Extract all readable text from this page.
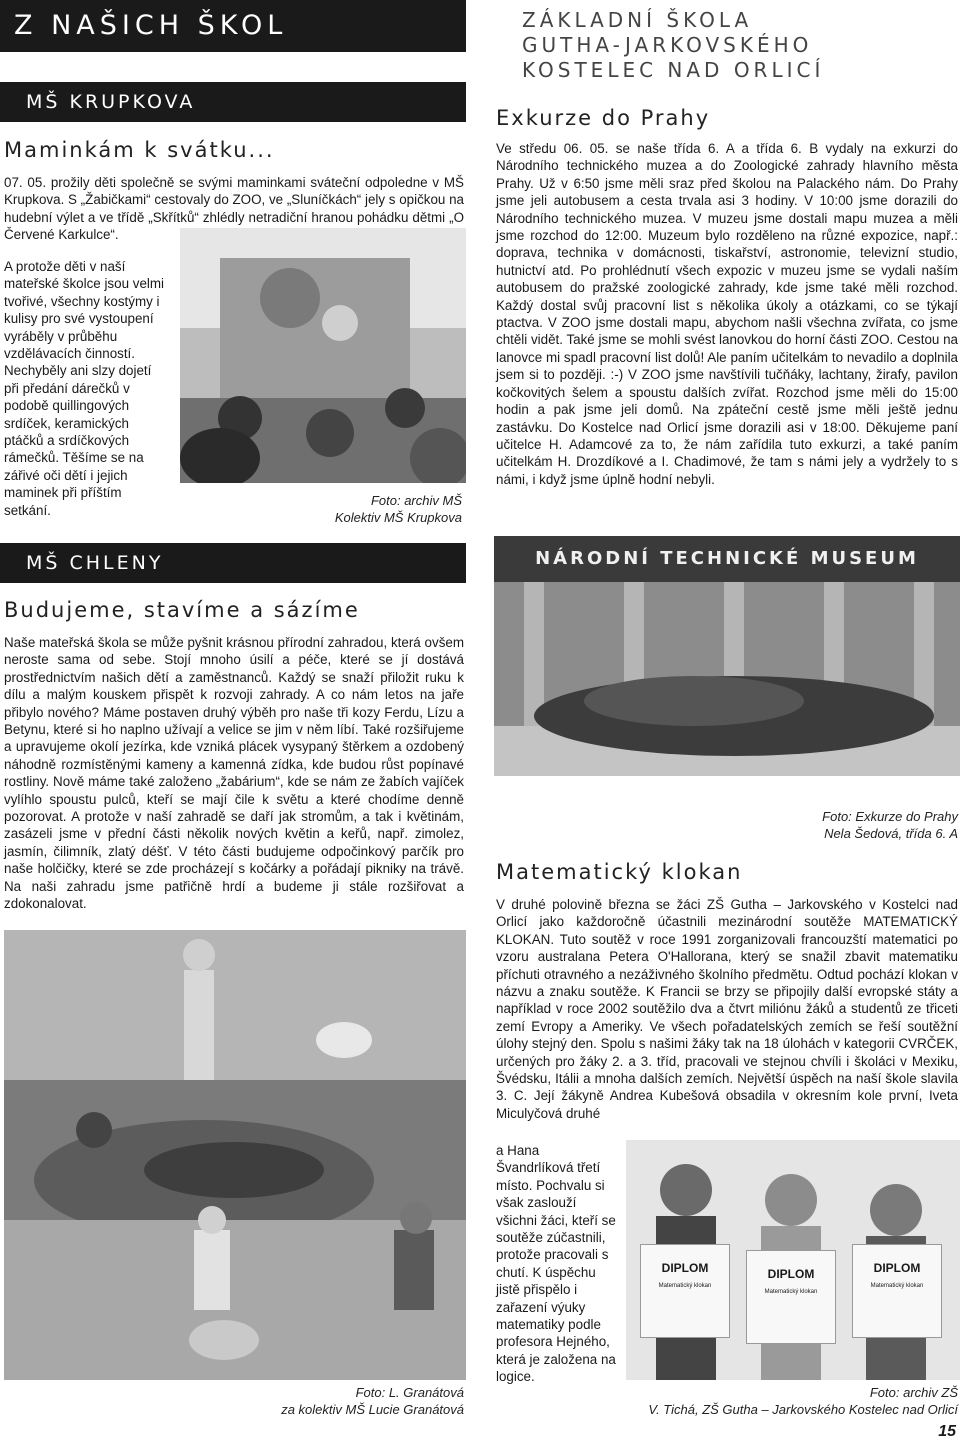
Z NAŠICH ŠKOL
MŠ KRUPKOVA
Maminkám k svátku...
07. 05. prožily děti společně se svými maminkami sváteční odpoledne v MŠ Krupkova. S „Žabičkami“ cestovaly do ZOO, ve „Sluníčkách“ jely s opičkou na hudební výlet a ve třídě „Skřítků“ zhlédly netradiční hranou pohádku dětmi „O Červené Karkulce“.
A protože děti v naší mateřské školce jsou velmi tvořivé, všechny kostýmy i kulisy pro své vystoupení vyráběly v průběhu vzdělávacích činností. Nechyběly ani slzy dojetí při předání dárečků v podobě quillingových srdíček, keramických ptáčků a srdíčkových rámečků. Těšíme se na zářivé oči dětí i jejich maminek při příštím setkání.
Foto: archiv MŠ
Kolektiv MŠ Krupkova
MŠ CHLENY
Budujeme, stavíme a sázíme
Naše mateřská škola se může pyšnit krásnou přírodní zahradou, která ovšem neroste sama od sebe. Stojí mnoho úsilí a péče, které se jí dostává prostřednictvím našich dětí a zaměstnanců. Každý se snaží přiložit ruku k dílu a malým kouskem přispět k rozvoji zahrady. A co nám letos na jaře přibylo nového? Máme postaven druhý výběh pro naše tři kozy Ferdu, Lízu a Betynu, které si ho naplno užívají a velice se jim v něm líbí. Také rozšiřujeme a upravujeme okolí jezírka, kde vzniká plácek vysypaný štěrkem a ozdobený náhodně rozmístěnými kameny a kamenná zídka, kde budou růst popínavé rostliny. Nově máme také založeno „žabárium“, kde se nám ze žabích vajíček vylíhlo spoustu pulců, kteří se mají čile k světu a které chodíme denně pozorovat. A protože v naší zahradě se daří jak stromům, a tak i květinám, zasázeli jsme v přední části několik nových květin a keřů, např. zimolez, jasmín, čilimník, zlatý déšť. V této části budujeme odpočinkový parčík pro naše holčičky, které se zde procházejí s kočárky a pořádají pikniky na trávě. Na naši zahradu jsme patřičně hrdí a budeme ji stále rozšiřovat a zdokonalovat.
Foto: L. Granátová
za kolektiv MŠ Lucie Granátová
ZÁKLADNÍ ŠKOLA
GUTHA-JARKOVSKÉHO
KOSTELEC NAD ORLICÍ
Exkurze do Prahy
Ve středu 06. 05. se naše třída 6. A a třída 6. B vydaly na exkurzi do Národního technického muzea a do Zoologické zahrady hlavního města Prahy. Už v 6:50 jsme měli sraz před školou na Palackého nám. Do Prahy jsme jeli autobusem a cesta trvala asi 3 hodiny. V 10:00 jsme dorazili do Národního technického muzea. V muzeu jsme dostali mapu muzea a měli jsme rozchod do 12:00. Muzeum bylo rozděleno na různé expozice, např.: doprava, technika v domácnosti, tiskařství, astronomie, televizní studio, hutnictví atd. Po prohlédnutí všech expozic v muzeu jsme se vydali naším autobusem do pražské zoologické zahrady, kde jsme také měli rozchod. Každý dostal svůj pracovní list s několika úkoly a otázkami, co se týkají ptactva. V ZOO jsme dostali mapu, abychom našli všechna zvířata, co jsme chtěli vidět. Také jsme se mohli svést lanovkou do horní části ZOO. Cestou na lanovce mi spadl pracovní list dolů! Ale paním učitelkám to nevadilo a doplnila jsem si to později. :-) V ZOO jsme navštívili tučňáky, lachtany, žirafy, pavilon kočkovitých šelem a spoustu dalších zvířat. Rozchod jsme měli do 15:00 hodin a pak jsme jeli domů. Na zpáteční cestě jsme měli ještě jednu zastávku. Do Kostelce nad Orlicí jsme dorazili asi v 18:00. Děkujeme paní učitelce H. Adamcové za to, že nám zařídila tuto exkurzi, a také paním učitelkám H. Drozdíkové a I. Chadimové, že tam s námi jely a vydržely to s námi, i když jsme úplně hodní nebyli.
NÁRODNÍ TECHNICKÉ MUSEUM
Foto: Exkurze do Prahy
Nela Šedová, třída 6. A
Matematický klokan
V druhé polovině března se žáci ZŠ Gutha – Jarkovského v Kostelci nad Orlicí jako každoročně účastnili mezinárodní soutěže MATEMATICKÝ KLOKAN. Tuto soutěž v roce 1991 zorganizovali francouzští matematici po vzoru australana Petera O'Hallorana, který se snažil zbavit matematiku příchuti otravného a nezáživného školního předmětu. Odtud pochází klokan v názvu a znaku soutěže. K Francii se brzy se připojily další evropské státy a například v roce 2002 soutěžilo dva a čtvrt miliónu žáků a studentů ze třiceti zemí Evropy a Ameriky. Ve všech pořadatelských zemích se řeší soutěžní úlohy stejný den. Spolu s našimi žáky tak na 18 úlohách v kategorii CVRČEK, určených pro žáky 2. a 3. tříd, pracovali ve stejnou chvíli i školáci v Mexiku, Švédsku, Itálii a mnoha dalších zemích. Největší úspěch na naší škole slavila 3. C. Její žákyně Andrea Kubešová obsadila v okresním kole první, Iveta Miculyčová druhé
a Hana Švandrlíková třetí místo. Pochvalu si však zaslouží všichni žáci, kteří se soutěže zúčastnili, protože pracovali s chutí. K úspěchu jistě přispělo i zařazení výuky matematiky podle profesora Hejného, která je založena na logice.
DIPLOM
Matematický klokan
DIPLOM
Matematický klokan
DIPLOM
Matematický klokan
Foto: archiv ZŠ
V. Tichá, ZŠ Gutha – Jarkovského Kostelec nad Orlicí
15
